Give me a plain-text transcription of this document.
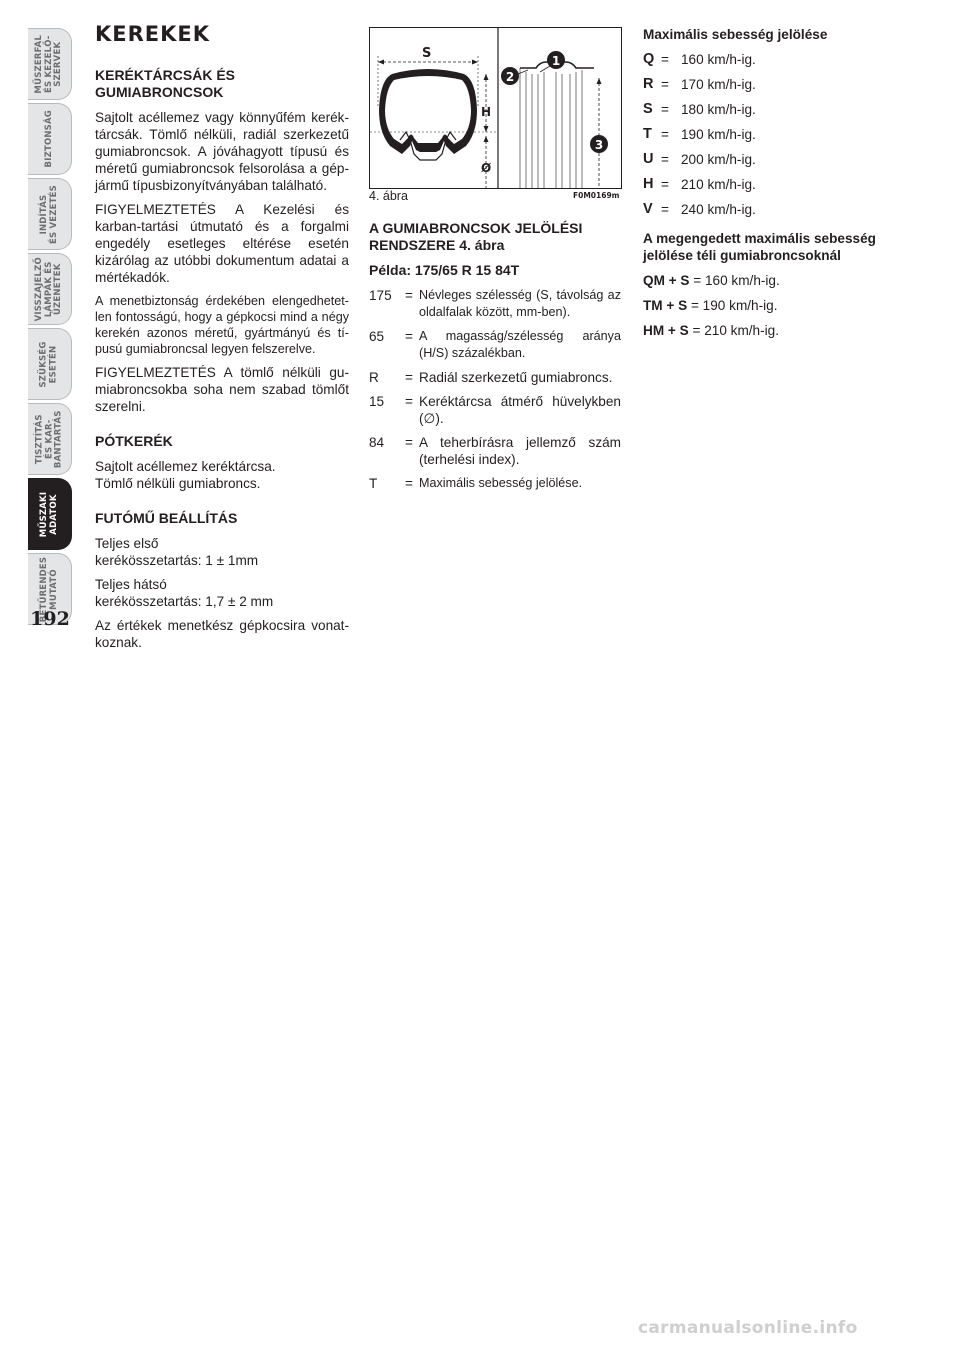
MŰSZERFAL
ÉS KEZELŐ-
SZERVEK
BIZTONSÁG
INDÍTÁS
ÉS VEZETÉS
VISSZAJELZŐ
LÁMPÁK ÉS
ÜZENETEK
SZÜKSÉG
ESETÉN
TISZTÍTÁS
ÉS KAR-
BANTARTÁS
MŰSZAKI
ADATOK
BETŰRENDES
MUTATÓ
192
KEREKEK
KERÉKTÁRCSÁK ÉS GUMIABRONCSOK

Sajtolt acéllemez vagy könnyűfém kerék-tárcsák. Tömlő nélküli, radiál szerkezetű gumiabroncsok. A jóváhagyott típusú és méretű gumiabroncsok felsorolása a gép-jármű típusbizonyítványában található.

FIGYELMEZTETÉS A Kezelési és karban-tartási útmutató és a forgalmi engedély esetleges eltérése esetén kizárólag az utóbbi dokumentum adatai a mértékadók.

A menetbiztonság érdekében elengedhetet-len fontosságú, hogy a gépkocsi mind a négy kerekén azonos méretű, gyártmányú és tí-pusú gumiabroncsal legyen felszerelve.

FIGYELMEZTETÉS A tömlő nélküli gu-miabroncsokba soha nem szabad tömlőt szerelni.

PÓTKERÉK
Sajtolt acéllemez keréktárcsa.
Tömlő nélküli gumiabroncs.
FUTÓMŰ BEÁLLÍTÁS
Teljes első
kerékösszetartás: 1 ± 1mm
Teljes hátsó
kerékösszetartás: 1,7 ± 2 mm

Az értékek menetkész gépkocsira vonat-koznak.

S
H
Ø
1
2
3
4. ábra	F0M0169m
A GUMIABRONCSOK JELÖLÉSI RENDSZERE 4. ábra
Példa: 175/65 R 15 84T
175 = Névleges szélesség (S, távolság az oldalfalak között, mm-ben).
65	= A magasság/szélesség aránya (H/S) százalékban.
R	= Radiál szerkezetű gumiabroncs.
15	= Keréktárcsa átmérő hüvelykben (∅).
84	= A teherbírásra jellemző szám (terhelési index).
T	= Maximális sebesség jelölése.
Maximális sebesség jelölése
Q = 160 km/h-ig.
R = 170 km/h-ig.
S = 180 km/h-ig.
T = 190 km/h-ig.
U = 200 km/h-ig.
H = 210 km/h-ig.
V = 240 km/h-ig.
A megengedett maximális sebesség jelölése téli gumiabroncsoknál
QM + S = 160 km/h-ig.
TM + S = 190 km/h-ig.
HM + S = 210 km/h-ig.
carmanualsonline.info
